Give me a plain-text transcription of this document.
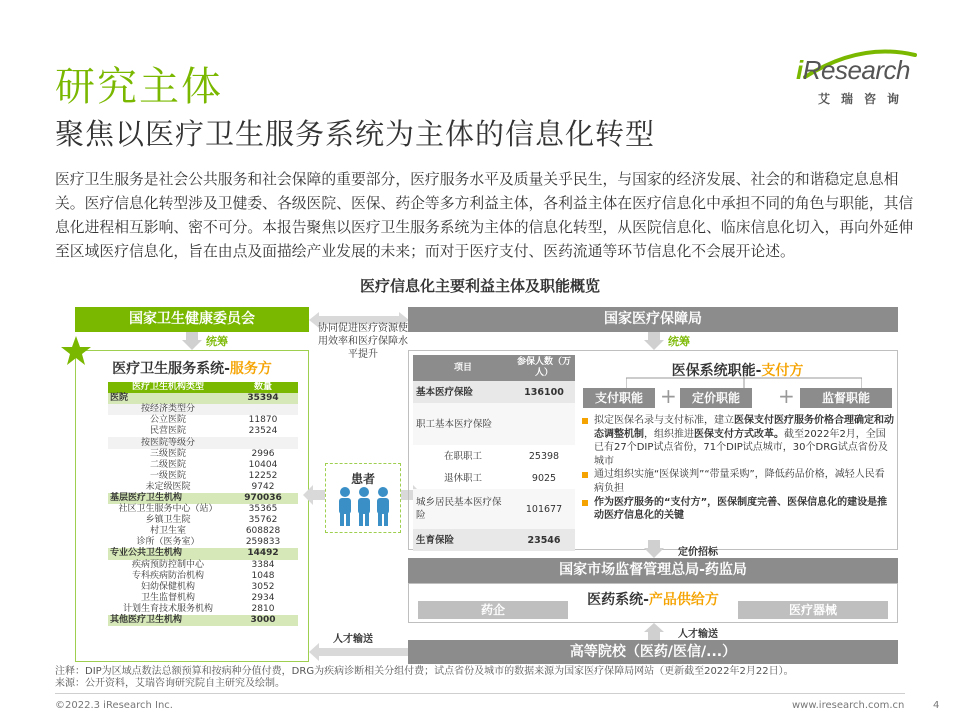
研究主体
聚焦以医疗卫生服务系统为主体的信息化转型
iResearch
艾瑞咨询
医疗卫生服务是社会公共服务和社会保障的重要部分，医疗服务水平及质量关乎民生，与国家的经济发展、社会的和谐稳定息息相关。医疗信息化转型涉及卫健委、各级医院、医保、药企等多方利益主体，各利益主体在医疗信息化中承担不同的角色与职能，其信息化进程相互影响、密不可分。本报告聚焦以医疗卫生服务系统为主体的信息化转型，从医院信息化、临床信息化切入，再向外延伸至区域医疗信息化，旨在由点及面描绘产业发展的未来；而对于医疗支付、医药流通等环节信息化不会展开论述。
医疗信息化主要利益主体及职能概览
国家卫生健康委员会
统筹
医疗卫生服务系统-服务方
医疗卫生机构类型	数量
医院	35394
按经济类型分	
公立医院	11870
民营医院	23524
按医院等级分	
三级医院	2996
二级医院	10404
一级医院	12252
未定级医院	9742
基层医疗卫生机构	970036
社区卫生服务中心（站）	35365
乡镇卫生院	35762
村卫生室	608828
诊所（医务室）	259833
专业公共卫生机构	14492
疾病预防控制中心	3384
专科疾病防治机构	1048
妇幼保健机构	3052
卫生监督机构	2934
计划生育技术服务机构	2810
其他医疗卫生机构	3000
协同促进医疗资源使用效率和医疗保障水平提升
患者
人才输送
国家医疗保障局
统筹
项目	参保人数（万人）
基本医疗保险	136100
职工基本医疗保险	
在职职工	25398
退休职工	9025
城乡居民基本医疗保险	101677
生育保险	23546
医保系统职能-支付方
支付职能 +	定价职能	+	监督职能
拟定医保名录与支付标准，建立医保支付医疗服务价格合理确定和动态调整机制，组织推进医保支付方式改革。截至2022年2月，全国已有27个DIP试点省份，71个DIP试点城市，30个DRG试点省份及城市
通过组织实施“医保谈判”“带量采购”，降低药品价格，减轻人民看病负担
作为医疗服务的“支付方”，医保制度完善、医保信息化的建设是推动医疗信息化的关键
定价招标
国家市场监督管理总局-药监局
医药系统-产品供给方
药企	医疗器械
人才输送
高等院校（医药/医信/...）
注释：DIP为区域点数法总额预算和按病种分值付费，DRG为疾病诊断相关分组付费；试点省份及城市的数据来源为国家医疗保障局网站（更新截至2022年2月22日）。
来源：公开资料，艾瑞咨询研究院自主研究及绘制。
©2022.3 iResearch Inc.	www.iresearch.com.cn	4
